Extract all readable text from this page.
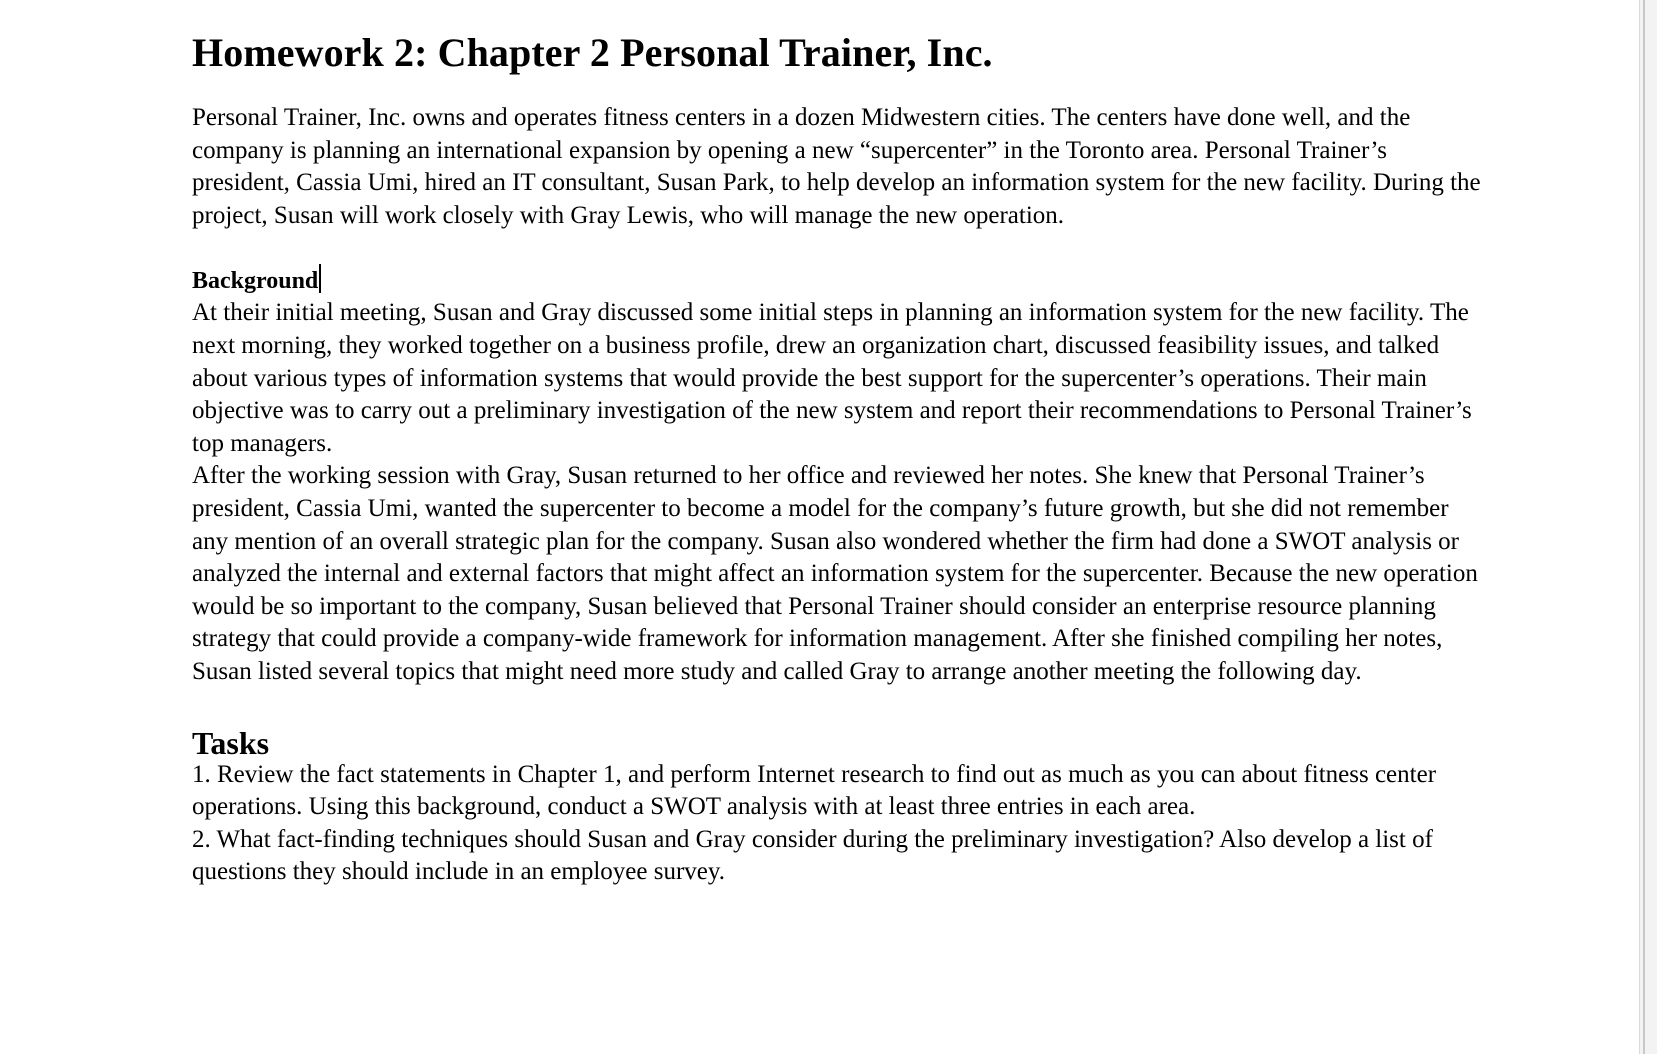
Homework 2: Chapter 2 Personal Trainer, Inc.

Personal Trainer, Inc. owns and operates fitness centers in a dozen Midwestern cities. The centers have done well, and the company is planning an international expansion by opening a new “supercenter” in the Toronto area. Personal Trainer’s president, Cassia Umi, hired an IT consultant, Susan Park, to help develop an information system for the new facility. During the project, Susan will work closely with Gray Lewis, who will manage the new operation.

Background

At their initial meeting, Susan and Gray discussed some initial steps in planning an information system for the new facility. The next morning, they worked together on a business profile, drew an organization chart, discussed feasibility issues, and talked about various types of information systems that would provide the best support for the supercenter’s operations. Their main objective was to carry out a preliminary investigation of the new system and report their recommendations to Personal Trainer’s top managers.

After the working session with Gray, Susan returned to her office and reviewed her notes. She knew that Personal Trainer’s president, Cassia Umi, wanted the supercenter to become a model for the company’s future growth, but she did not remember any mention of an overall strategic plan for the company. Susan also wondered whether the firm had done a SWOT analysis or analyzed the internal and external factors that might affect an information system for the supercenter. Because the new operation would be so important to the company, Susan believed that Personal Trainer should consider an enterprise resource planning strategy that could provide a company-wide framework for information management. After she finished compiling her notes, Susan listed several topics that might need more study and called Gray to arrange another meeting the following day.

Tasks

1. Review the fact statements in Chapter 1, and perform Internet research to find out as much as you can about fitness center operations. Using this background, conduct a SWOT analysis with at least three entries in each area.

2. What fact-finding techniques should Susan and Gray consider during the preliminary investigation? Also develop a list of questions they should include in an employee survey.
